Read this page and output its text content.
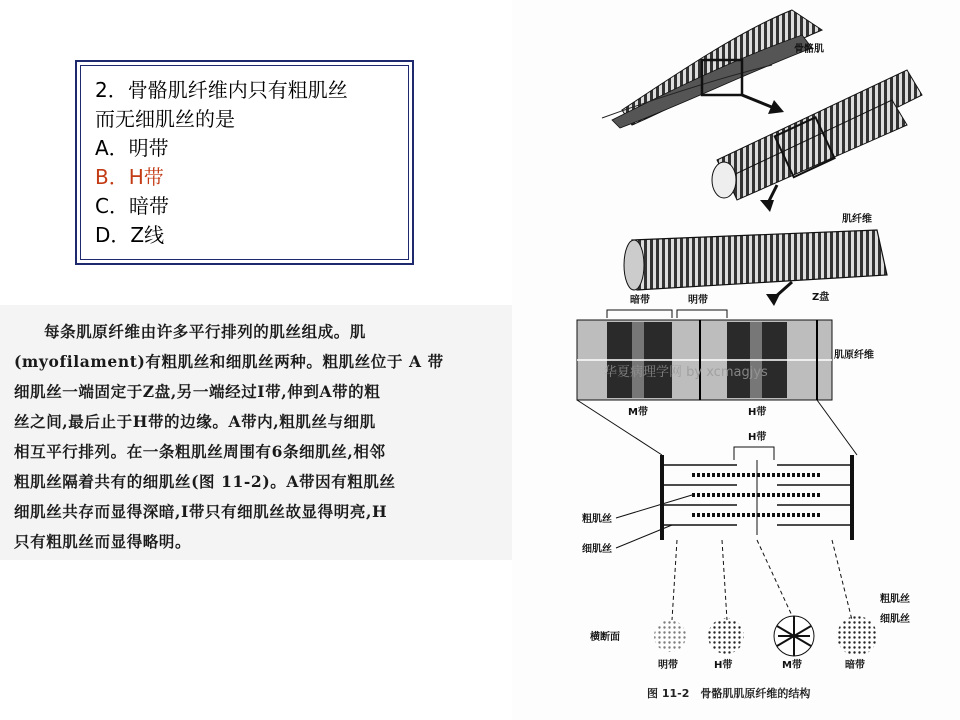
2．骨骼肌纤维内只有粗肌丝
而无细肌丝的是
A．明带
B．H带
C．暗带
D．Z线
每条肌原纤维由许多平行排列的肌丝组成。肌
(myofilament)有粗肌丝和细肌丝两种。粗肌丝位于 A 带
细肌丝一端固定于Z盘,另一端经过I带,伸到A带的粗
丝之间,最后止于H带的边缘。A带内,粗肌丝与细肌
相互平行排列。在一条粗肌丝周围有6条细肌丝,相邻
粗肌丝隔着共有的细肌丝(图 11-2)。A带因有粗肌丝
细肌丝共存而显得深暗,I带只有细肌丝故显得明亮,H
只有粗肌丝而显得略明。
骨骼肌
肌纤维
暗带	明带	Z盘
肌原纤维
华夏病理学网 by xcmagjys
M带	H带
H带
粗肌丝
细肌丝
横断面
粗肌丝
细肌丝
明带	H带	M带	暗带
图 11-2　骨骼肌肌原纤维的结构
